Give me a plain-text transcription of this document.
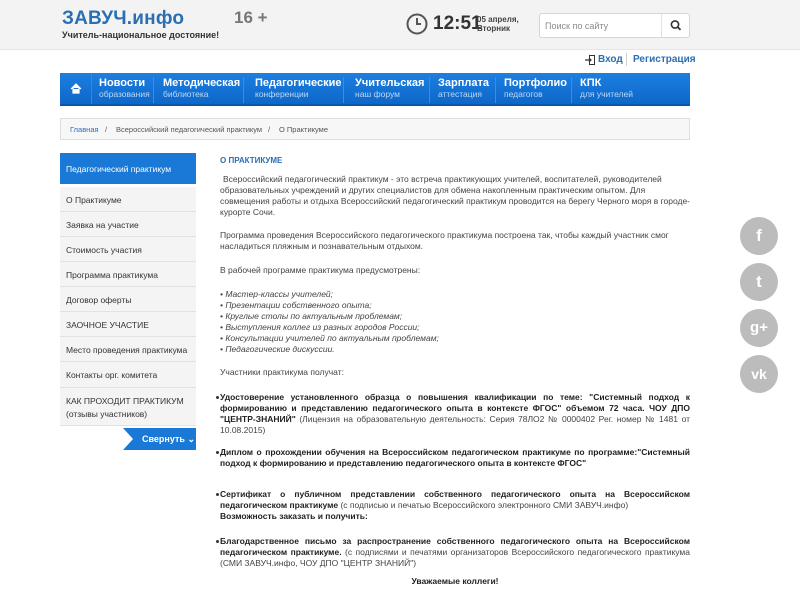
ЗАВУЧ.инфо
Учитель-национальное достояние!
16 +	12:51
05 апреля,
Вторник
Поиск по сайту
Вход Регистрация
Новости
образования
Методическая
библиотека
Педагогические
конференции
Учительская
наш форум
Зарплата
аттестация
Портфолио
педагогов
КПК
для учителей
Главная / Всероссийский педагогический практикум / О Практикуме
Педагогический практикум
О Практикуме
Заявка на участие
Стоимость участия
Программа практикума
Договор оферты
ЗАОЧНОЕ УЧАСТИЕ
Место проведения практикума
Контакты орг. комитета
КАК ПРОХОДИТ ПРАКТИКУМ
(отзывы участников)
Свернуть ⌄
О ПРАКТИКУМЕ
Всероссийский педагогический практикум - это встреча практикующих учителей, воспитателей, руководителей образовательных учреждений и других специалистов для обмена накопленным практическим опытом. Для совмещения работы и отдыха Всероссийский педагогический практикум проводится на берегу Черного моря в городе-курорте Сочи.
Программа проведения Всероссийского педагогического практикума построена так, чтобы каждый участник смог насладиться пляжным и познавательным отдыхом.
В рабочей программе практикума предусмотрены:
• Мастер-классы учителей;
• Презентации собственного опыта;
• Круглые столы по актуальным проблемам;
• Выступления коллег из разных городов России;
• Консультации учителей по актуальным проблемам;
• Педагогические дискуссии.
Участники практикума получат:
Удостоверение установленного образца о повышения квалификации по теме: "Системный подход к формированию и представлению педагогического опыта в контексте ФГОС" объемом 72 часа. ЧОУ ДПО "ЦЕНТР-ЗНАНИЙ" (Лицензия на образовательную деятельность: Серия 78ЛО2 № 0000402 Рег. номер № 1481 от 10.08.2015)
Диплом о прохождении обучения на Всероссийском педагогическом практикуме по программе:"Системный подход к формированию и представлению педагогического опыта в контексте ФГОС"
Сертификат о публичном представлении собственного педагогического опыта на Всероссийском педагогическом практикуме (с подписью и печатью Всероссийского электронного СМИ ЗАВУЧ.инфо)
Возможность заказать и получить:
Благодарственное письмо за распространение собственного педагогического опыта на Всероссийском педагогическом практикуме. (с подписями и печатями организаторов Всероссийского педагогического практикума (СМИ ЗАВУЧ.инфо, ЧОУ ДПО "ЦЕНТР ЗНАНИЙ")
Уважаемые коллеги!
f
t
g+
vk
